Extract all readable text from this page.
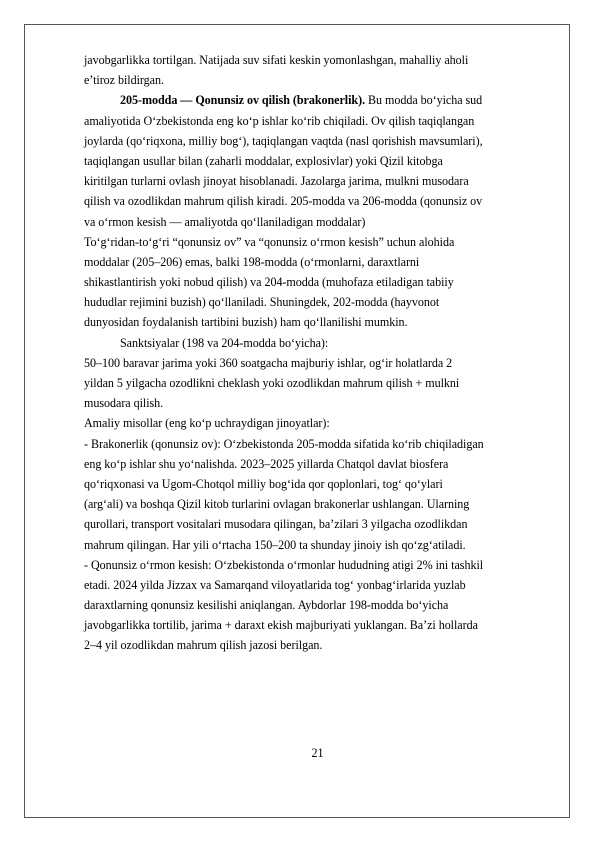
javobgarlikka tortilgan. Natijada suv sifati keskin yomonlashgan, mahalliy aholi
e’tiroz bildirgan.
205-modda — Qonunsiz ov qilish (brakonerlik). Bu modda bo‘yicha sud
amaliyotida O‘zbekistonda eng ko‘p ishlar ko‘rib chiqiladi. Ov qilish taqiqlangan
joylarda (qo‘riqxona, milliy bog‘), taqiqlangan vaqtda (nasl qorishish mavsumlari),
taqiqlangan usullar bilan (zaharli moddalar, explosivlar) yoki Qizil kitobga
kiritilgan turlarni ovlash jinoyat hisoblanadi. Jazolarga jarima, mulkni musodara
qilish va ozodlikdan mahrum qilish kiradi. 205-modda va 206-modda (qonunsiz ov
va o‘rmon kesish — amaliyotda qo‘llaniladigan moddalar)
To‘g‘ridan-to‘g‘ri “qonunsiz ov” va “qonunsiz o‘rmon kesish” uchun alohida
moddalar (205–206) emas, balki 198-modda (o‘rmonlarni, daraxtlarni
shikastlantirish yoki nobud qilish) va 204-modda (muhofaza etiladigan tabiiy
hududlar rejimini buzish) qo‘llaniladi. Shuningdek, 202-modda (hayvonot
dunyosidan foydalanish tartibini buzish) ham qo‘llanilishi mumkin.
Sanktsiyalar (198 va 204-modda bo‘yicha):
50–100 baravar jarima yoki 360 soatgacha majburiy ishlar, og‘ir holatlarda 2
yildan 5 yilgacha ozodlikni cheklash yoki ozodlikdan mahrum qilish + mulkni
musodara qilish.
Amaliy misollar (eng ko‘p uchraydigan jinoyatlar):
- Brakonerlik (qonunsiz ov): O‘zbekistonda 205-modda sifatida ko‘rib chiqiladigan
eng ko‘p ishlar shu yo‘nalishda. 2023–2025 yillarda Chatqol davlat biosfera
qo‘riqxonasi va Ugom-Chotqol milliy bog‘ida qor qoplonlari, tog‘ qo‘ylari
(arg‘ali) va boshqa Qizil kitob turlarini ovlagan brakonerlar ushlangan. Ularning
qurollari, transport vositalari musodara qilingan, ba’zilari 3 yilgacha ozodlikdan
mahrum qilingan. Har yili o‘rtacha 150–200 ta shunday jinoiy ish qo‘zg‘atiladi.
- Qonunsiz o‘rmon kesish: O‘zbekistonda o‘rmonlar hududning atigi 2% ini tashkil
etadi. 2024 yilda Jizzax va Samarqand viloyatlarida tog‘ yonbag‘irlarida yuzlab
daraxtlarning qonunsiz kesilishi aniqlangan. Aybdorlar 198-modda bo‘yicha
javobgarlikka tortilib, jarima + daraxt ekish majburiyati yuklangan. Ba’zi hollarda
2–4 yil ozodlikdan mahrum qilish jazosi berilgan.
21
